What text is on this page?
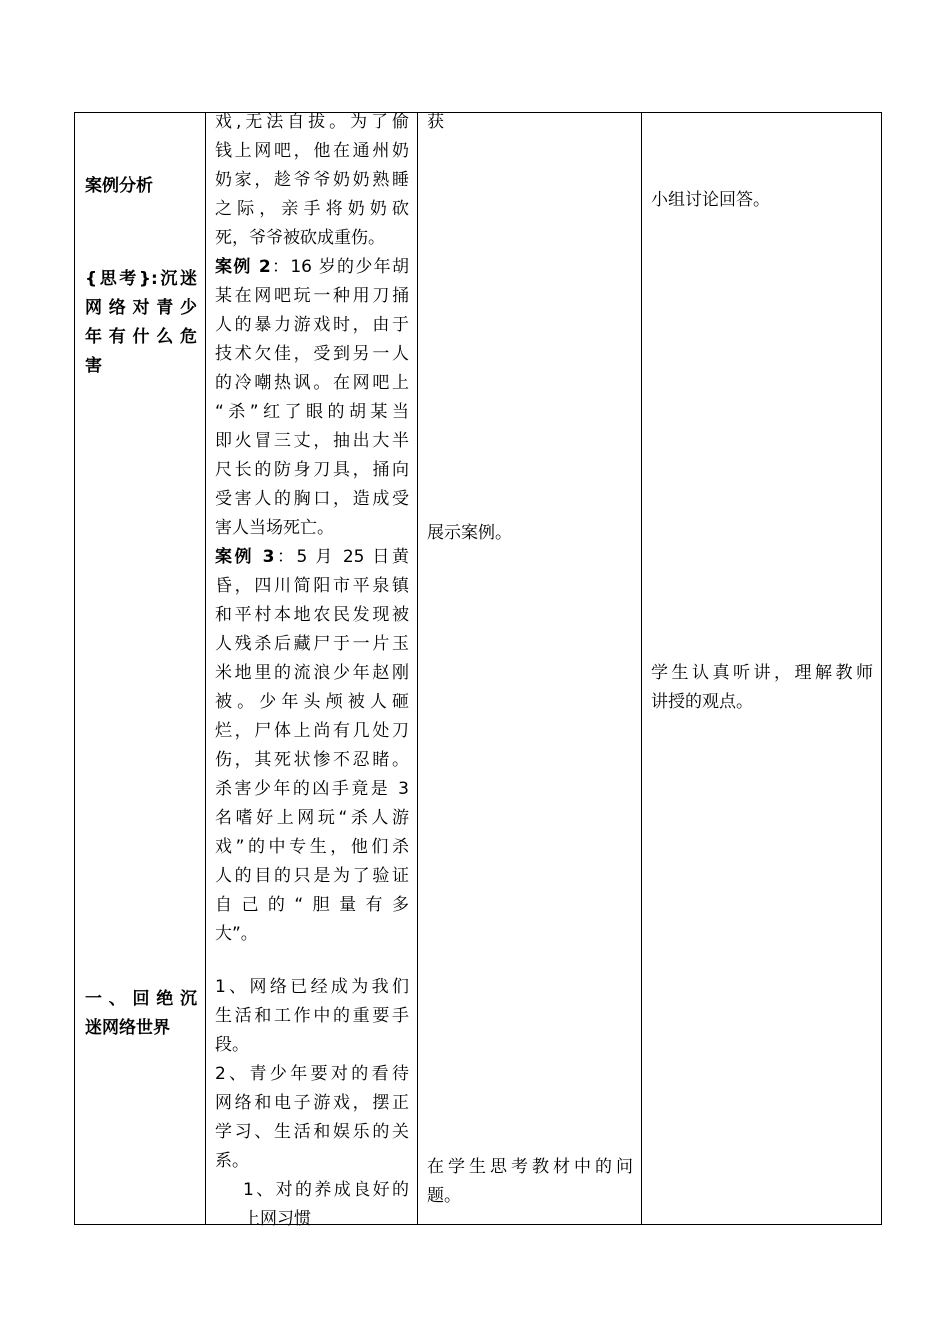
案例分析
{思考}:沉迷
网络对青少
年有什么危
害
一、回绝沉
迷网络世界
戏,无法自拔。为了偷
钱上网吧，他在通州奶
奶家，趁爷爷奶奶熟睡
之际，亲手将奶奶砍
死，爷爷被砍成重伤。
案例 2：16 岁的少年胡
某在网吧玩一种用刀捅
人的暴力游戏时，由于
技术欠佳，受到另一人
的冷嘲热讽。在网吧上
“杀”红了眼的胡某当
即火冒三丈，抽出大半
尺长的防身刀具，捅向
受害人的胸口，造成受
害人当场死亡。
案例 3：5 月 25 日黄
昏，四川简阳市平泉镇
和平村本地农民发现被
人残杀后藏尸于一片玉
米地里的流浪少年赵刚
被。少年头颅被人砸
烂，尸体上尚有几处刀
伤，其死状惨不忍睹。
杀害少年的凶手竟是 3
名嗜好上网玩“杀人游
戏”的中专生，他们杀
人的目的只是为了验证
自己的“胆量有多
大”。
1、网络已经成为我们
生活和工作中的重要手
段。
2、青少年要对的看待
网络和电子游戏，摆正
学习、生活和娱乐的关
系。
1、对的养成良好的
上网习惯
获
展示案例。
在学生思考教材中的问
题。
小组讨论回答。
学生认真听讲，理解教师
讲授的观点。
